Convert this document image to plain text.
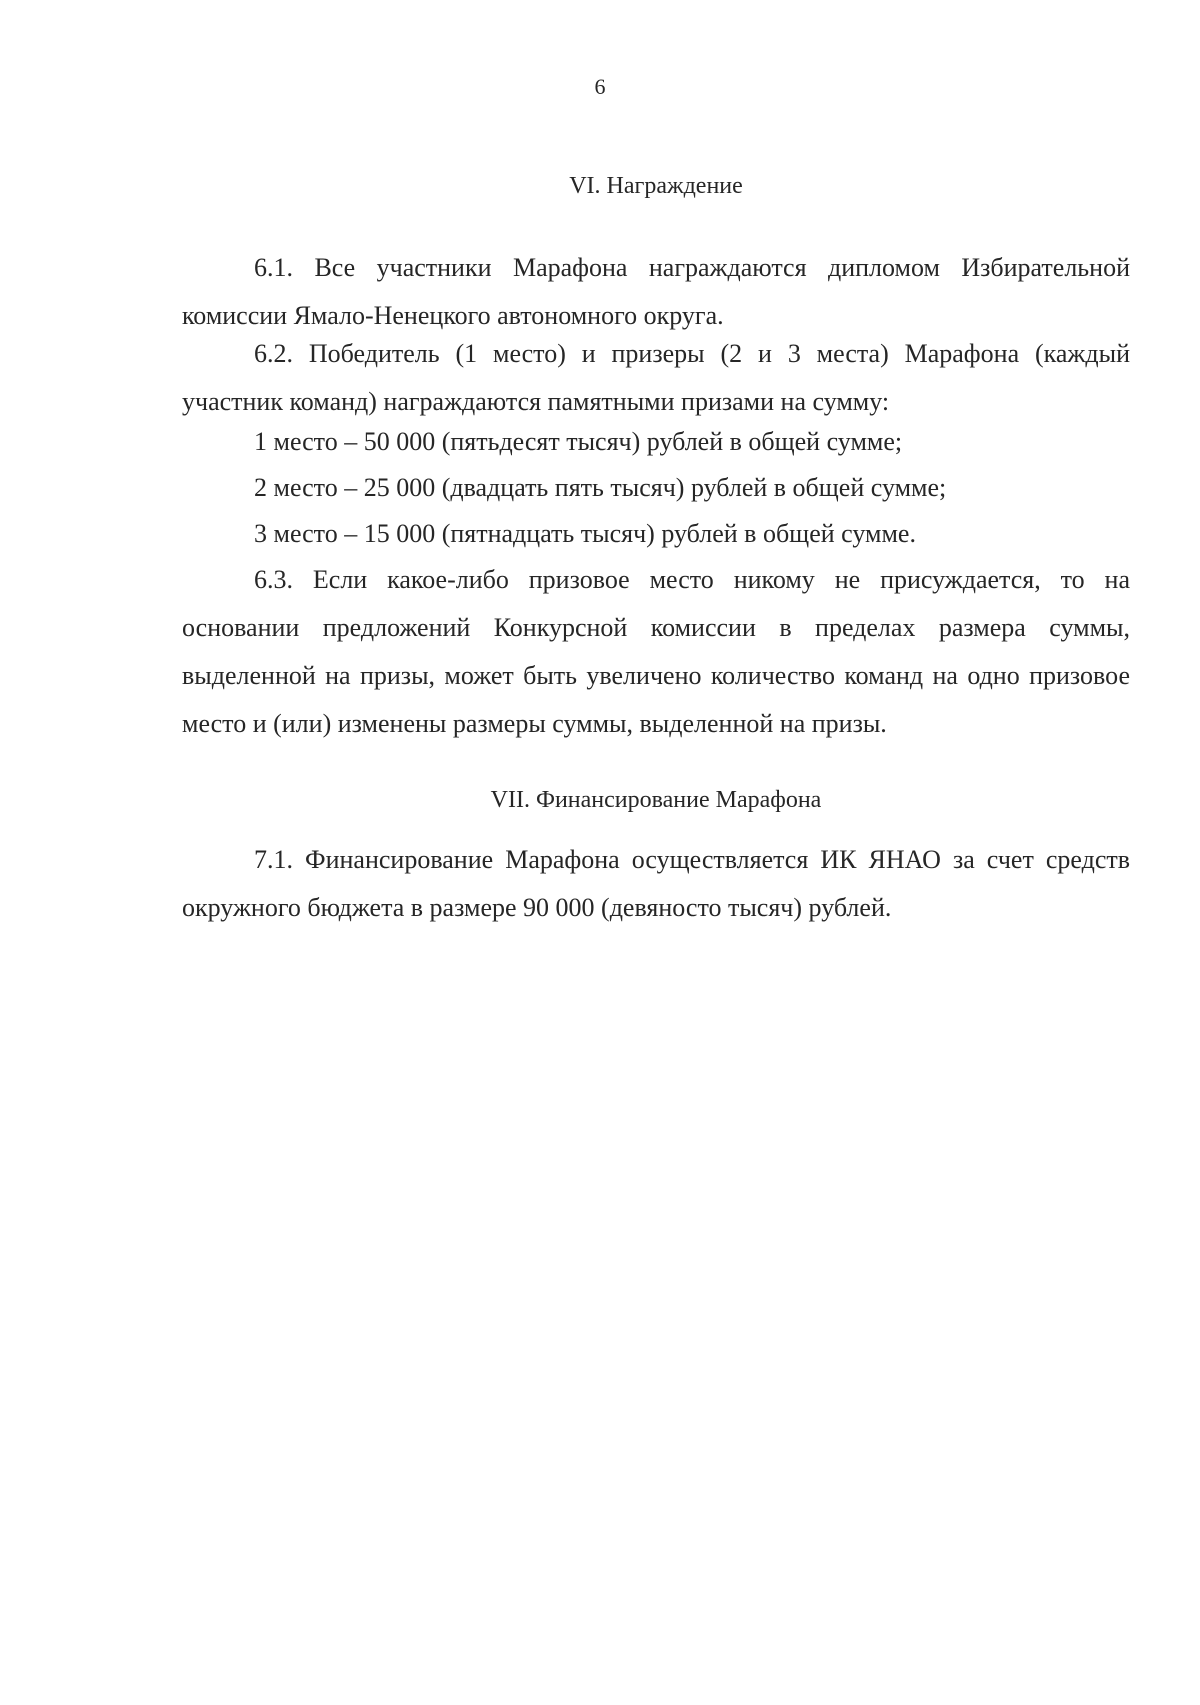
6
VI. Награждение

6.1. Все участники Марафона награждаются дипломом Избирательной комиссии Ямало-Ненецкого автономного округа.

6.2. Победитель (1 место) и призеры (2 и 3 места) Марафона (каждый участник команд) награждаются памятными призами на сумму:

1 место – 50 000 (пятьдесят тысяч) рублей в общей сумме;

2 место – 25 000 (двадцать пять тысяч) рублей в общей сумме;

3 место – 15 000 (пятнадцать тысяч) рублей в общей сумме.

6.3. Если какое-либо призовое место никому не присуждается, то на основании предложений Конкурсной комиссии в пределах размера суммы, выделенной на призы, может быть увеличено количество команд на одно призовое место и (или) изменены размеры суммы, выделенной на призы.

VII. Финансирование Марафона

7.1. Финансирование Марафона осуществляется ИК ЯНАО за счет средств окружного бюджета в размере 90 000 (девяносто тысяч) рублей.
